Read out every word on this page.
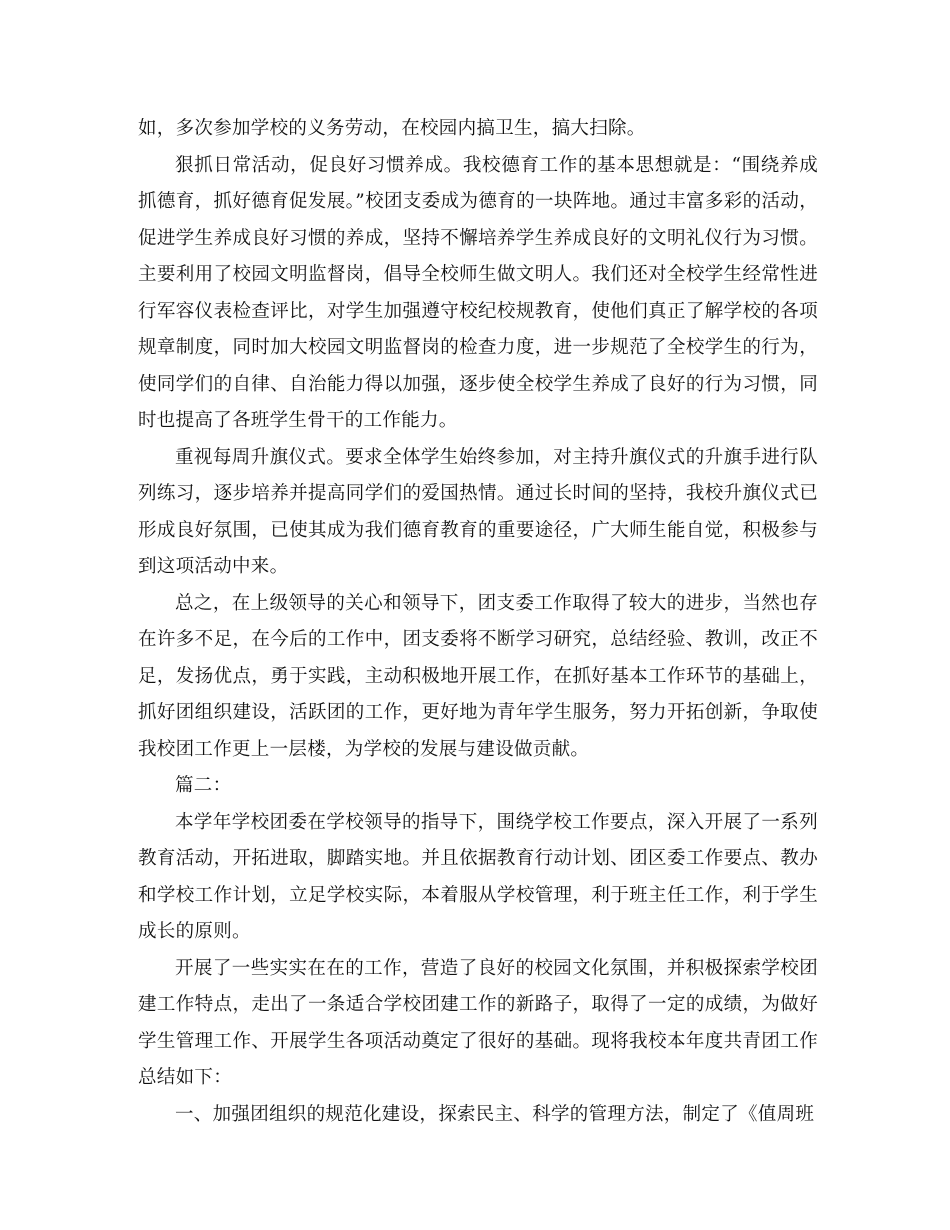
如，多次参加学校的义务劳动，在校园内搞卫生，搞大扫除。

狠抓日常活动，促良好习惯养成。我校德育工作的基本思想就是：“围绕养成抓德育，抓好德育促发展。”校团支委成为德育的一块阵地。通过丰富多彩的活动，促进学生养成良好习惯的养成，坚持不懈培养学生养成良好的文明礼仪行为习惯。主要利用了校园文明监督岗，倡导全校师生做文明人。我们还对全校学生经常性进行军容仪表检查评比，对学生加强遵守校纪校规教育，使他们真正了解学校的各项规章制度，同时加大校园文明监督岗的检查力度，进一步规范了全校学生的行为，使同学们的自律、自治能力得以加强，逐步使全校学生养成了良好的行为习惯，同时也提高了各班学生骨干的工作能力。

重视每周升旗仪式。要求全体学生始终参加，对主持升旗仪式的升旗手进行队列练习，逐步培养并提高同学们的爱国热情。通过长时间的坚持，我校升旗仪式已形成良好氛围，已使其成为我们德育教育的重要途径，广大师生能自觉，积极参与到这项活动中来。

总之，在上级领导的关心和领导下，团支委工作取得了较大的进步，当然也存在许多不足，在今后的工作中，团支委将不断学习研究，总结经验、教训，改正不足，发扬优点，勇于实践，主动积极地开展工作，在抓好基本工作环节的基础上，抓好团组织建设，活跃团的工作，更好地为青年学生服务，努力开拓创新，争取使我校团工作更上一层楼，为学校的发展与建设做贡献。

篇二：

本学年学校团委在学校领导的指导下，围绕学校工作要点，深入开展了一系列教育活动，开拓进取，脚踏实地。并且依据教育行动计划、团区委工作要点、教办和学校工作计划，立足学校实际，本着服从学校管理，利于班主任工作，利于学生成长的原则。

开展了一些实实在在的工作，营造了良好的校园文化氛围，并积极探索学校团建工作特点，走出了一条适合学校团建工作的新路子，取得了一定的成绩，为做好学生管理工作、开展学生各项活动奠定了很好的基础。现将我校本年度共青团工作总结如下：

一、加强团组织的规范化建设，探索民主、科学的管理方法，制定了《值周班
